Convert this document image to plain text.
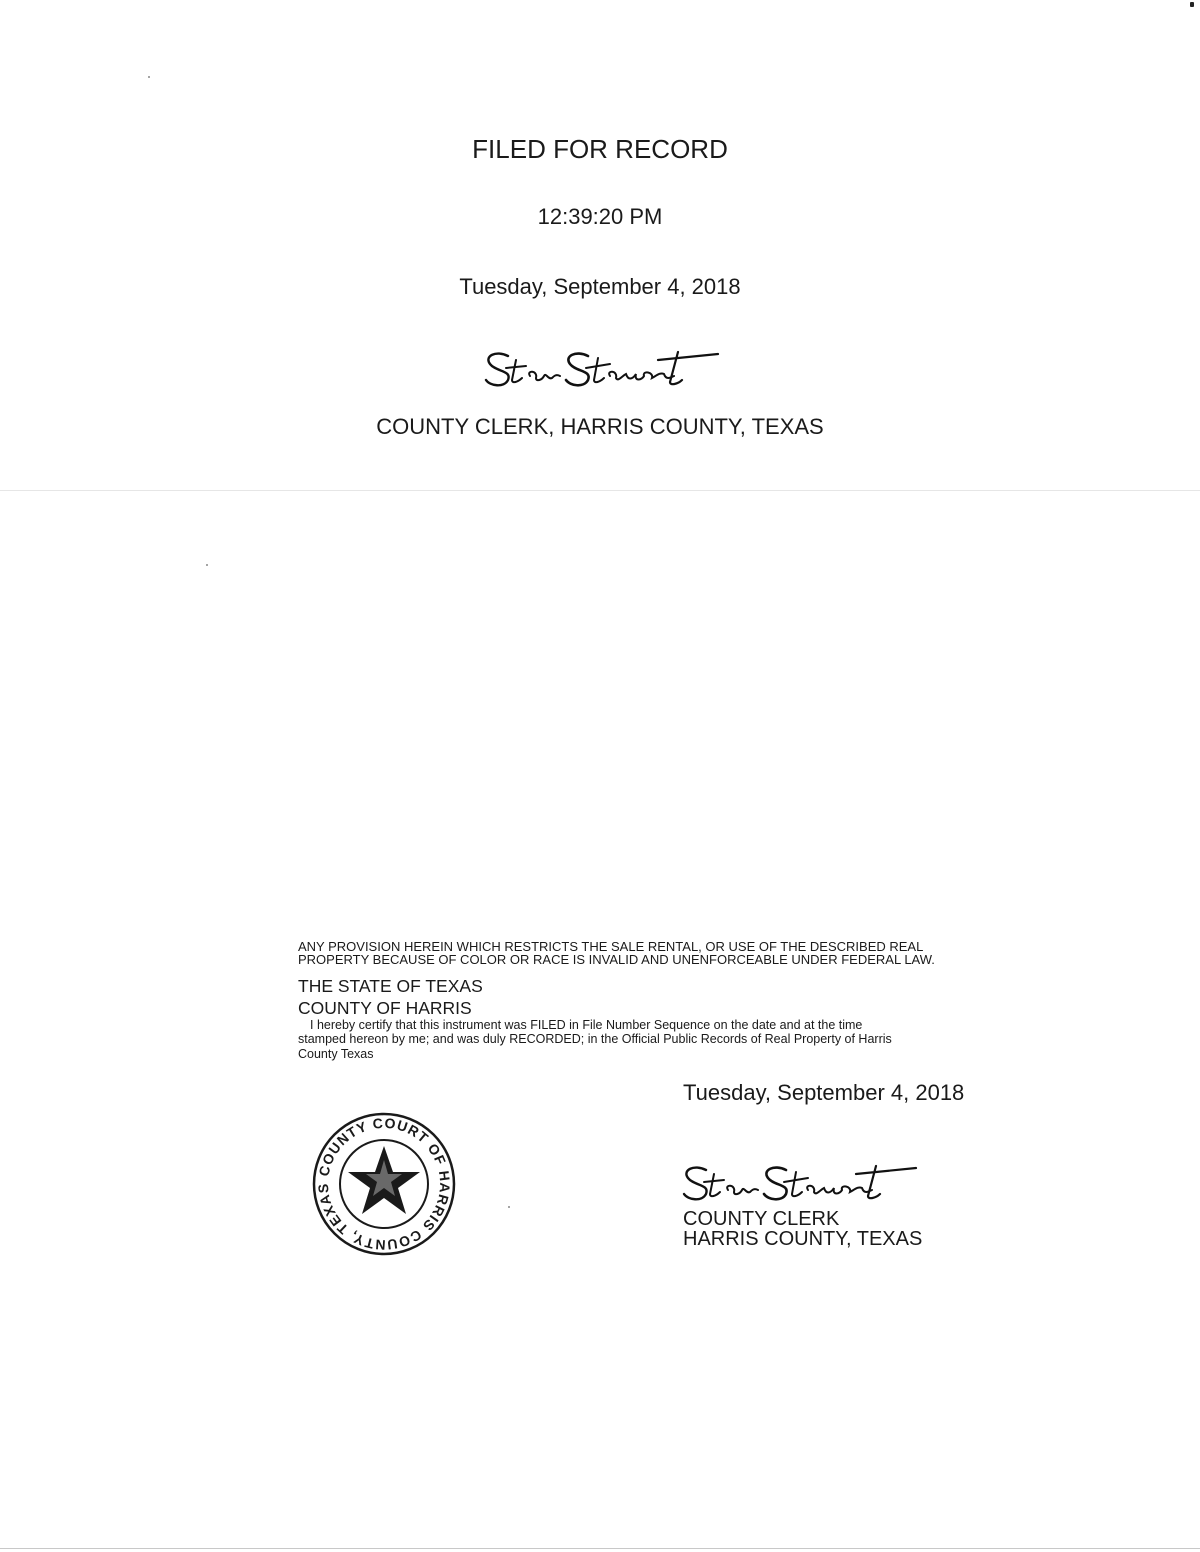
FILED FOR RECORD
12:39:20 PM
Tuesday, September 4, 2018
COUNTY CLERK, HARRIS COUNTY, TEXAS
ANY PROVISION HEREIN WHICH RESTRICTS THE SALE RENTAL, OR USE OF THE DESCRIBED REAL
PROPERTY BECAUSE OF COLOR OR RACE IS INVALID AND UNENFORCEABLE UNDER FEDERAL LAW.
THE STATE OF TEXAS
COUNTY OF HARRIS
I hereby certify that this instrument was FILED in File Number Sequence on the date and at the time
stamped hereon by me; and was duly RECORDED; in the Official Public Records of Real Property of Harris
County Texas
Tuesday, September 4, 2018
COUNTY COURT OF HARRIS COUNTY, TEXAS
COUNTY CLERK
HARRIS COUNTY, TEXAS
